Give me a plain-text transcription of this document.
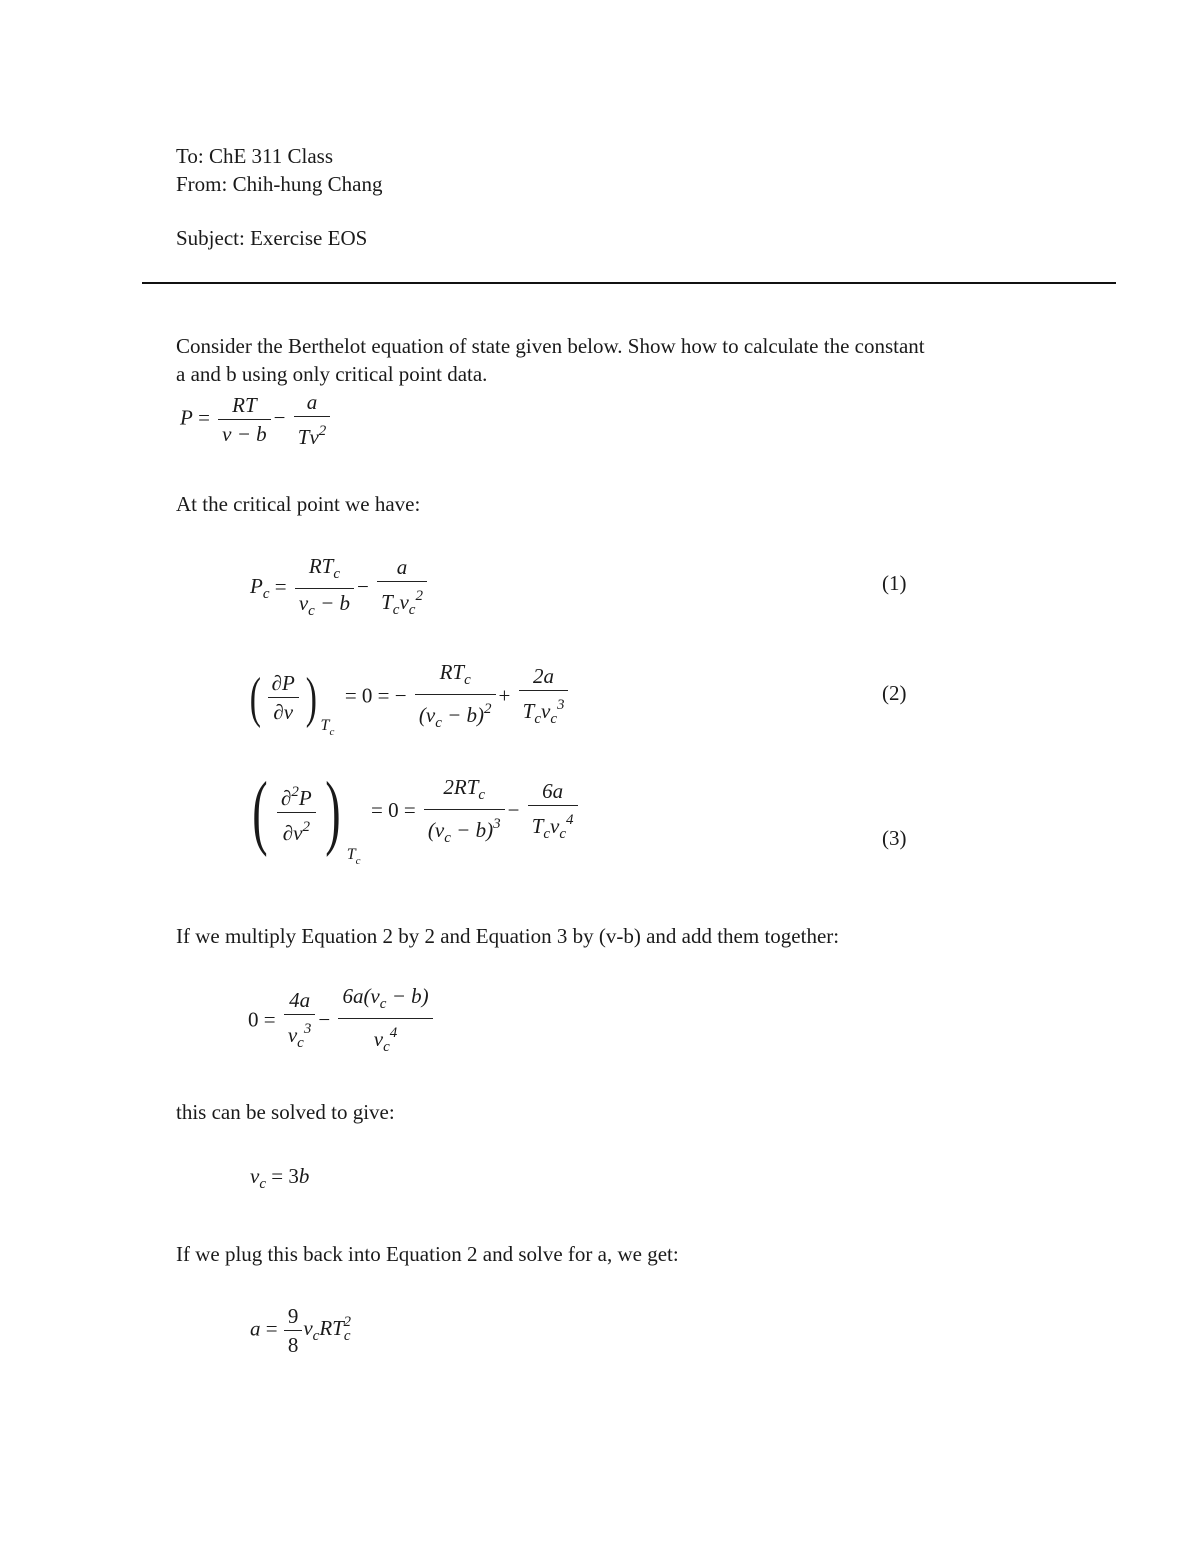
To: ChE 311 Class
From: Chih-hung Chang
Subject: Exercise EOS
Consider the Berthelot equation of state given below. Show how to calculate the constant
a and b using only critical point data.
$P = \frac{RT}{v - b} - \frac{a}{Tv^2}$
At the critical point we have:
$P_c = \frac{RT_c}{v_c - b} - \frac{a}{T_cv_c^2}$	(1)
( $\frac{\partial P}{\partial v}$ ) $T_c = 0$ = − $\frac{RT_c}{(v_c - b)^2} + \frac{2a}{T_cv_c^3}$	(2)
( $\frac{\partial^2P}{\partial v^2}$ ) $T_c = 0 = \frac{2RT_c}{(v_c - b)^3} - \frac{6a}{T_cv_c^4}$	(3)
If we multiply Equation 2 by 2 and Equation 3 by (v-b) and add them together:
$0 = \frac{4a}{v_c^3} - \frac{6a(v_c - b)}{v_c^4}$
this can be solved to give:
$v_c = 3b$
If we plug this back into Equation 2 and solve for a, we get:
$a = \frac{9}{8} v_cRT_c^2$
